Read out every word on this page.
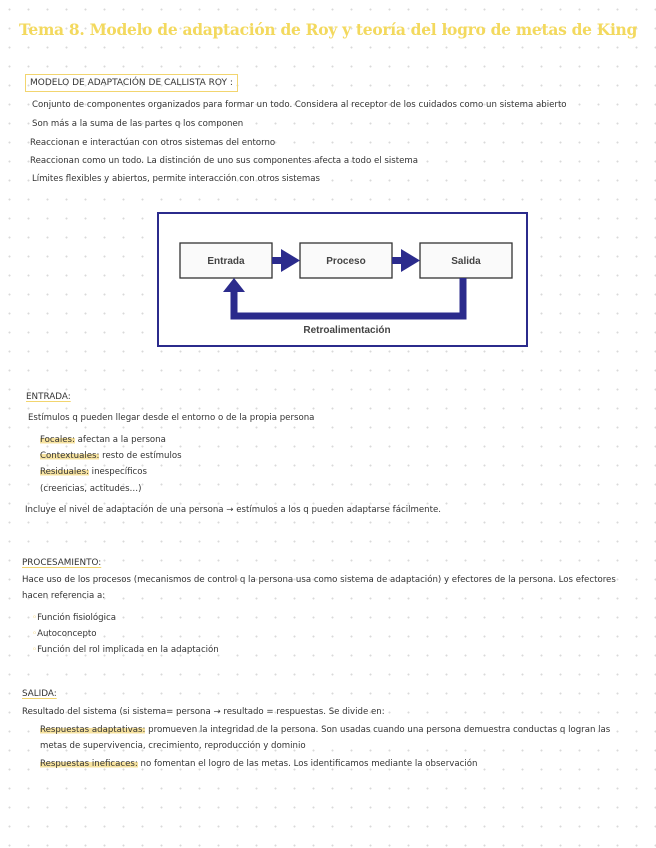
Tema 8. Modelo de adaptación de Roy y teoría del logro de metas de King
MODELO DE ADAPTACIÓN DE CALLISTA ROY :
Conjunto de componentes organizados para formar un todo. Considera al receptor de los cuidados como un sistema abierto
Son más a la suma de las partes q los componen
Reaccionan e interactúan con otros sistemas del entorno
Reaccionan como un todo. La distinción de uno sus componentes afecta a todo el sistema
Límites flexibles y abiertos, permite interacción con otros sistemas
Entrada	Proceso	Salida
Retroalimentación
ENTRADA:
Estímulos q pueden llegar desde el entorno o de la propia persona
Focales: afectan a la persona
Contextuales: resto de estímulos
Residuales: inespecíficos
(creencias, actitudes…)
Incluye el nivel de adaptación de una persona → estímulos a los q pueden adaptarse fácilmente.
PROCESAMIENTO:
Hace uso de los procesos (mecanismos de control q la persona usa como sistema de adaptación) y efectores de la persona. Los efectores
hacen referencia a:
◦Función fisiológica
◦Autoconcepto
◦Función del rol implicada en la adaptación
SALIDA:
Resultado del sistema (si sistema= persona → resultado = respuestas. Se divide en:
Respuestas adaptativas: promueven la integridad de la persona. Son usadas cuando una persona demuestra conductas q logran las
metas de supervivencia, crecimiento, reproducción y dominio
Respuestas ineficaces: no fomentan el logro de las metas. Los identificamos mediante la observación
